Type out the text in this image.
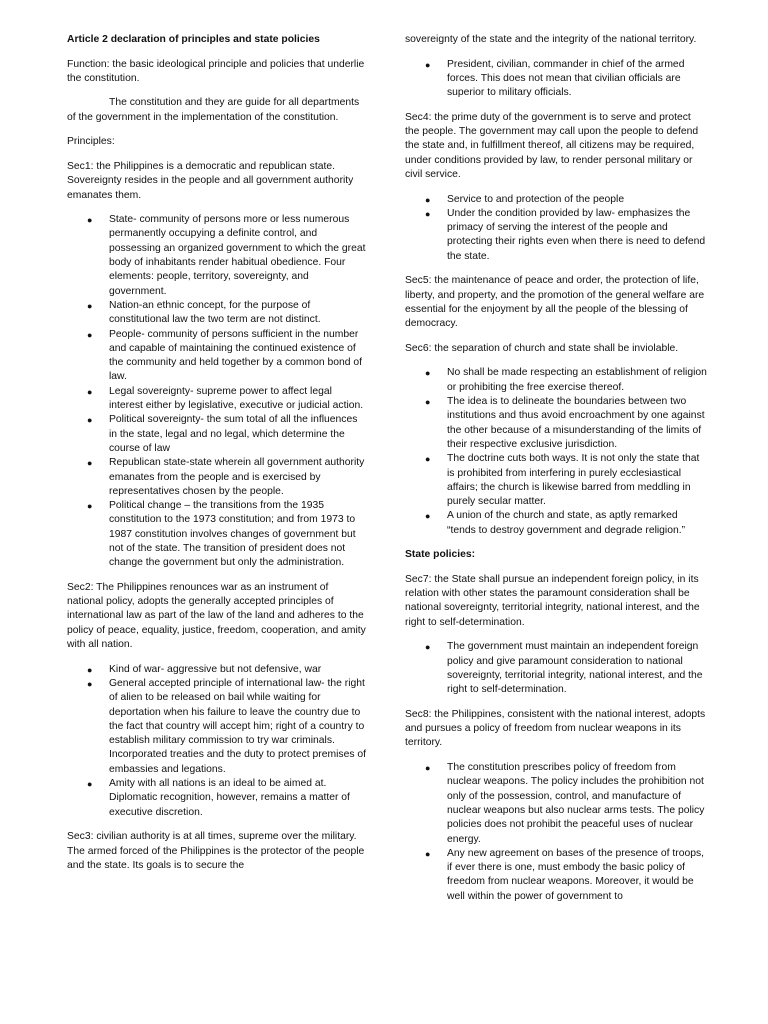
Article 2 declaration of principles and state policies

Function: the basic ideological principle and policies that underlie the constitution.

The constitution and they are guide for all departments of the government in the implementation of the constitution.

Principles:

Sec1: the Philippines is a democratic and republican state. Sovereignty resides in the people and all government authority emanates them.

● State- community of persons more or less numerous permanently occupying a definite control, and possessing an organized government to which the great body of inhabitants render habitual obedience. Four elements: people, territory, sovereignty, and government.
● Nation-an ethnic concept, for the purpose of constitutional law the two term are not distinct.
● People- community of persons sufficient in the number and capable of maintaining the continued existence of the community and held together by a common bond of law.
● Legal sovereignty- supreme power to affect legal interest either by legislative, executive or judicial action.
● Political sovereignty- the sum total of all the influences in the state, legal and no legal, which determine the course of law
● Republican state-state wherein all government authority emanates from the people and is exercised by representatives chosen by the people.
● Political change – the transitions from the 1935 constitution to the 1973 constitution; and from 1973 to 1987 constitution involves changes of government but not of the state. The transition of president does not change the government but only the administration.

Sec2: The Philippines renounces war as an instrument of national policy, adopts the generally accepted principles of international law as part of the law of the land and adheres to the policy of peace, equality, justice, freedom, cooperation, and amity with all nation.

● Kind of war- aggressive but not defensive, war
● General accepted principle of international law- the right of alien to be released on bail while waiting for deportation when his failure to leave the country due to the fact that country will accept him; right of a country to establish military commission to try war criminals. Incorporated treaties and the duty to protect premises of embassies and legations.
● Amity with all nations is an ideal to be aimed at. Diplomatic recognition, however, remains a matter of executive discretion.

Sec3: civilian authority is at all times, supreme over the military. The armed forced of the Philippines is the protector of the people and the state. Its goals is to secure the

sovereignty of the state and the integrity of the national territory.

● President, civilian, commander in chief of the armed forces. This does not mean that civilian officials are superior to military officials.

Sec4: the prime duty of the government is to serve and protect the people. The government may call upon the people to defend the state and, in fulfillment thereof, all citizens may be required, under conditions provided by law, to render personal military or civil service.

● Service to and protection of the people
● Under the condition provided by law- emphasizes the primacy of serving the interest of the people and protecting their rights even when there is need to defend the state.

Sec5: the maintenance of peace and order, the protection of life, liberty, and property, and the promotion of the general welfare are essential for the enjoyment by all the people of the blessing of democracy.

Sec6: the separation of church and state shall be inviolable.

● No shall be made respecting an establishment of religion or prohibiting the free exercise thereof.
● The idea is to delineate the boundaries between two institutions and thus avoid encroachment by one against the other because of a misunderstanding of the limits of their respective exclusive jurisdiction.
● The doctrine cuts both ways. It is not only the state that is prohibited from interfering in purely ecclesiastical affairs; the church is likewise barred from meddling in purely secular matter.
● A union of the church and state, as aptly remarked “tends to destroy government and degrade religion.”

State policies:

Sec7: the State shall pursue an independent foreign policy, in its relation with other states the paramount consideration shall be national sovereignty, territorial integrity, national interest, and the right to self-determination.

● The government must maintain an independent foreign policy and give paramount consideration to national sovereignty, territorial integrity, national interest, and the right to self-determination.

Sec8: the Philippines, consistent with the national interest, adopts and pursues a policy of freedom from nuclear weapons in its territory.

● The constitution prescribes policy of freedom from nuclear weapons. The policy includes the prohibition not only of the possession, control, and manufacture of nuclear weapons but also nuclear arms tests. The policy policies does not prohibit the peaceful uses of nuclear energy.
● Any new agreement on bases of the presence of troops, if ever there is one, must embody the basic policy of freedom from nuclear weapons. Moreover, it would be well within the power of government to
